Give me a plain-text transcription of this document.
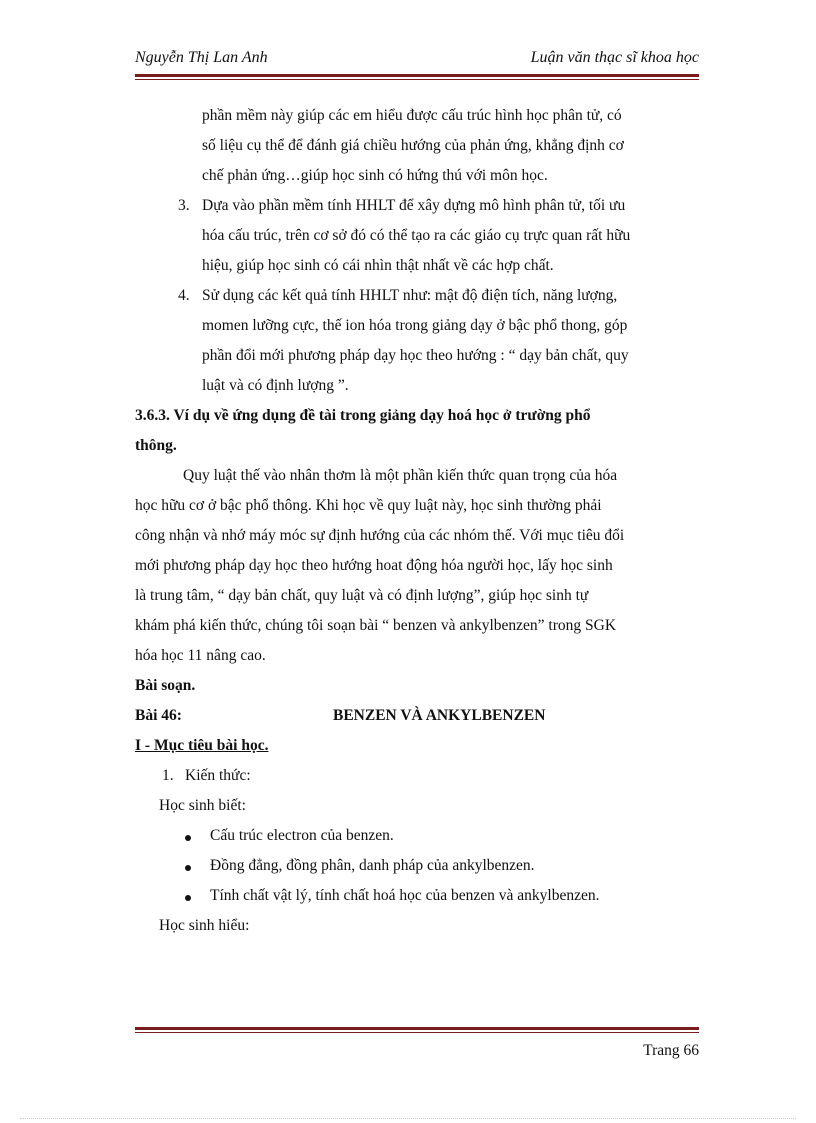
Nguyễn Thị Lan Anh	Luận văn thạc sĩ khoa học
phần mềm này giúp các em hiểu được cấu trúc hình học phân tử, có
số liệu cụ thể để đánh giá chiều hướng của phản ứng, khẳng định cơ
chế phản ứng…giúp học sinh có hứng thú với môn học.
3. Dựa vào phần mềm tính HHLT để xây dựng mô hình phân tử, tối ưu
hóa cấu trúc, trên cơ sở đó có thể tạo ra các giáo cụ trực quan rất hữu
hiệu, giúp học sinh có cái nhìn thật nhất về các hợp chất.
4. Sử dụng các kết quả tính HHLT như: mật độ điện tích, năng lượng,
momen lưỡng cực, thế ion hóa trong giảng dạy ở bậc phổ thong, góp
phần đổi mới phương pháp dạy học theo hướng : “ dạy bản chất, quy
luật và có định lượng ”.
3.6.3. Ví dụ về ứng dụng đề tài trong giảng dạy hoá học ở trường phổ
thông.
Quy luật thế vào nhân thơm là một phần kiến thức quan trọng của hóa
học hữu cơ ở bậc phổ thông. Khi học về quy luật này, học sinh thường phải
công nhận và nhớ máy móc sự định hướng của các nhóm thế. Với mục tiêu đổi
mới phương pháp dạy học theo hướng hoat động hóa người học, lấy học sinh
là trung tâm, “ dạy bản chất, quy luật và có định lượng”, giúp học sinh tự
khám phá kiến thức, chúng tôi soạn bài “ benzen và ankylbenzen” trong SGK
hóa học 11 nâng cao.
Bài soạn.
Bài 46:	BENZEN VÀ ANKYLBENZEN
I - Mục tiêu bài học.
1. Kiến thức:
Học sinh biết:
Cấu trúc electron của benzen.
Đồng đẳng, đồng phân, danh pháp của ankylbenzen.
Tính chất vật lý, tính chất hoá học của benzen và ankylbenzen.
Học sinh hiểu:
Trang 66
